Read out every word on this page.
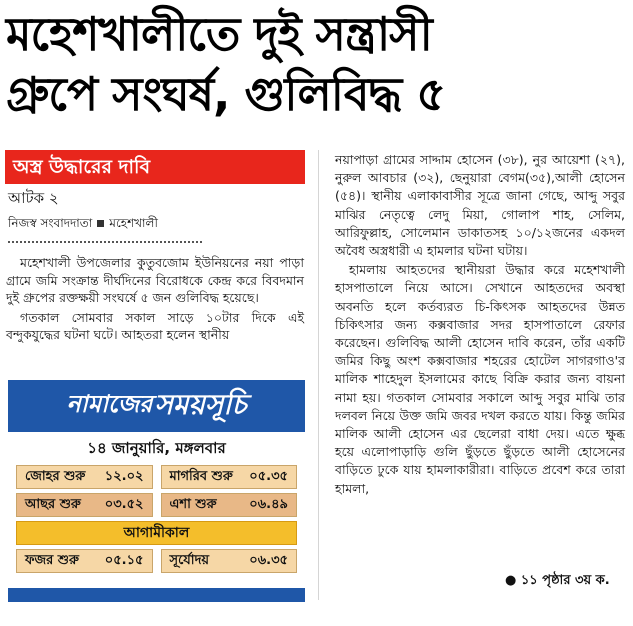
মহেশখালীতে দুই সন্ত্রাসী
গ্রুপে সংঘর্ষ, গুলিবিদ্ধ ৫
অস্ত্র উদ্ধারের দাবি
আটক ২
নিজস্ব সংবাদদাতা মহেশখালী

মহেশখালী উপজেলার কুতুবজোম ইউনিয়নের নয়া পাড়া গ্রামে জমি সংক্রান্ত দীর্ঘদিনের বিরোধকে কেন্দ্র করে বিবদমান দুই গ্রুপের রক্তক্ষয়ী সংঘর্ষে ৫ জন গুলিবিদ্ধ হয়েছে।

গতকাল সোমবার সকাল সাড়ে ১০টার দিকে এই বন্দুকযুদ্ধের ঘটনা ঘটে। আহতরা হলেন স্থানীয়

নামাজের সময়সূচি
১৪ জানুয়ারি, মঙ্গলবার
জোহর শুরু ১২.০২ মাগরিব শুরু ০৫.৩৫
আছর শুরু ০৩.৫২ এশা শুরু	০৬.৪৯
আগামীকাল
ফজর শুরু ০৫.১৫ সূর্যোদয়	০৬.৩৫

নয়াপাড়া গ্রামের সাদ্দাম হোসেন (৩৮), নুর আয়েশা (২৭), নুরুল আবচার (৩২), ছেনুয়ারা বেগম(৩৫),আলী হোসেন (৫৪)। স্থানীয় এলাকাবাসীর সূত্রে জানা গেছে, আব্দু সবুর মাঝির নেতৃত্বে লেদু মিয়া, গোলাপ শাহ, সেলিম, আরিফুল্লাহ, সোলেমান ডাকাতসহ ১০/১২জনের একদল অবৈধ অস্ত্রধারী এ হামলার ঘটনা ঘটায়।

হামলায় আহতদের স্থানীয়রা উদ্ধার করে মহেশখালী হাসপাতালে নিয়ে আসে। সেখানে আহতদের অবস্থা অবনতি হলে কর্তব্যরত চি-কিৎসক আহতদের উন্নত চিকিৎসার জন্য কক্সবাজার সদর হাসপাতালে রেফার করেছেন। গুলিবিদ্ধ আলী হোসেন দাবি করেন, তাঁর একটি জমির কিছু অংশ কক্সবাজার শহরের হোটেল সাগরগাও'র মালিক শাহেদুল ইসলামের কাছে বিক্রি করার জন্য বায়না নামা হয়। গতকাল সোমবার সকালে আব্দু সবুর মাঝি তার দলবল নিয়ে উক্ত জমি জবর দখল করতে যায়। কিন্তু জমির মালিক আলী হোসেন এর ছেলেরা বাধা দেয়। এতে ক্ষুব্ধ হয়ে এলোপাড়াড়ি গুলি ছুঁড়তে ছুঁড়তে আলী হোসেনের বাড়িতে ঢুকে যায় হামলাকারীরা। বাড়িতে প্রবেশ করে তারা হামলা,

● ১১ পৃষ্ঠার ৩য় ক.
